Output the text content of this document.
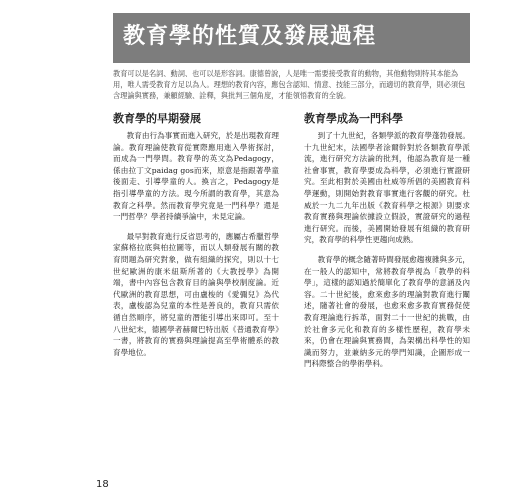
教育學的性質及發展過程

教育可以是名詞、動詞、也可以是形容詞。康德曾說，人是唯一需要接受教育的動物，其他動物則特其本能為用，唯人需受教育方足以為人。理想的教育內容，應包含認知、情意、技能三部分，而適切的教育學，則必須包含理論與實務，兼顧經驗、詮釋，與批判三個角度，才能領悟教育的全貌。

教育學的早期發展

教育由行為事實而進入研究，於是出現教育理論。教育理論使教育從實際應用進入學術探討，而成為一門學問。教育學的英文為Pedagogy，係由拉丁文paidag gos而來，原意是指跟著學童後面走、引導學童的人。換言之，Pedagogy是指引導學童的方法。現今所謂的教育學，其意為教育之科學。然而教育學究竟是一門科學？還是一門哲學？學者持續爭論中，未見定論。

最早對教育進行反省思考的，應屬古希臘哲學家蘇格拉底與柏拉圖等，而以人類發展有關的教育問題為研究對象，做有組織的探究，則以十七世紀歐洲的康米紐斯所著的《大教授學》為開端，書中內容包含教育目的論與學校制度論。近代歐洲的教育思想，可由盧梭的《愛彌兒》為代表，盧梭認為兒童的本性是善良的，教育只需依循自然順序，將兒童的潛能引導出來即可。至十八世紀末，德國學者赫爾巴特出版《普通教育學》一書，將教育的實務與理論提高至學術體系的教育學地位。

教育學成為一門科學

到了十九世紀，各類學派的教育學蓬勃發展。十九世紀末，法國學者涂爾幹對於各類教育學派流，進行研究方法論的批判，他認為教育是一種社會事實，教育學要成為科學，必須進行實證研究。至此相對於美國由杜威等所倡的美國教育科學運動，則開始對教育事實進行客觀的研究。杜威於一九二九年出版《教育科學之根源》則要求教育實務與理論依據設立假設，實證研究的過程進行研究。而後，美國開始發展有組織的教育研究，教育學的科學性更趨向成熟。

教育學的概念隨著時間發展愈趨複雜與多元，在一般人的認知中，常將教育學視為「教學的科學」，這樣的認知過於簡單化了教育學的意涵及內容。二十世紀後，愈來愈多的理論對教育進行闡述，隨著社會的發展，也愈來愈多教育實務促使教育理論進行拆革，面對二十一世紀的挑戰，由於社會多元化和教育的多樣性歷程，教育學未來，仍會在理論與實務間，為架構出科學性的知識而努力，並兼納多元的學門知識，企圖形成一門科際整合的學術學科。

18
